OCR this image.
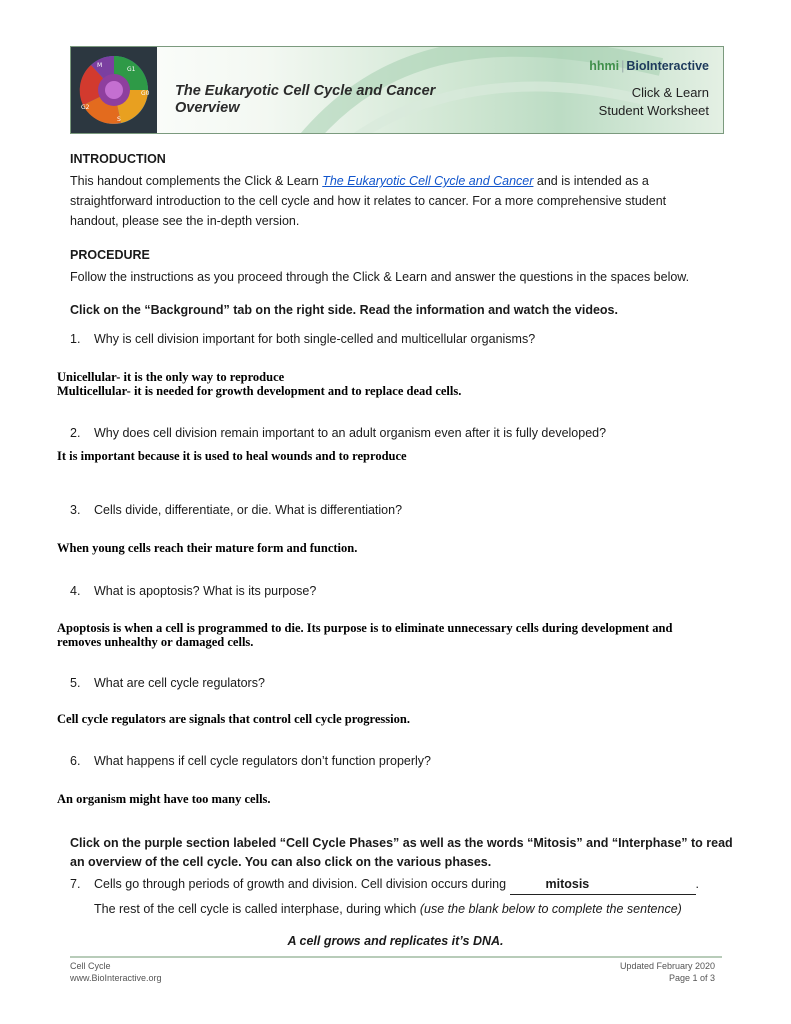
G1
G0
G2
S
M
The Eukaryotic Cell Cycle and Cancer
Overview
hhmi | BioInteractive
Click & Learn
Student Worksheet
INTRODUCTION
This handout complements the Click & Learn The Eukaryotic Cell Cycle and Cancer and is intended as a
straightforward introduction to the cell cycle and how it relates to cancer. For a more comprehensive student
handout, please see the in-depth version.
PROCEDURE
Follow the instructions as you proceed through the Click & Learn and answer the questions in the spaces below.
Click on the “Background” tab on the right side. Read the information and watch the videos.
1. Why is cell division important for both single-celled and multicellular organisms?
Unicellular- it is the only way to reproduce
Multicellular- it is needed for growth development and to replace dead cells.
2. Why does cell division remain important to an adult organism even after it is fully developed?
It is important because it is used to heal wounds and to reproduce
3. Cells divide, differentiate, or die. What is differentiation?
When young cells reach their mature form and function.
4. What is apoptosis? What is its purpose?
Apoptosis is when a cell is programmed to die. Its purpose is to eliminate unnecessary cells during development and
removes unhealthy or damaged cells.
5. What are cell cycle regulators?
Cell cycle regulators are signals that control cell cycle progression.
6. What happens if cell cycle regulators don’t function properly?
An organism might have too many cells.
Click on the purple section labeled “Cell Cycle Phases” as well as the words “Mitosis” and “Interphase” to read
an overview of the cell cycle. You can also click on the various phases.
7. Cells go through periods of growth and division. Cell division occurs during	mitosis	.
The rest of the cell cycle is called interphase, during which (use the blank below to complete the sentence)
A cell grows and replicates it’s DNA.
Cell Cycle
www.BioInteractive.org
Updated February 2020
Page 1 of 3
